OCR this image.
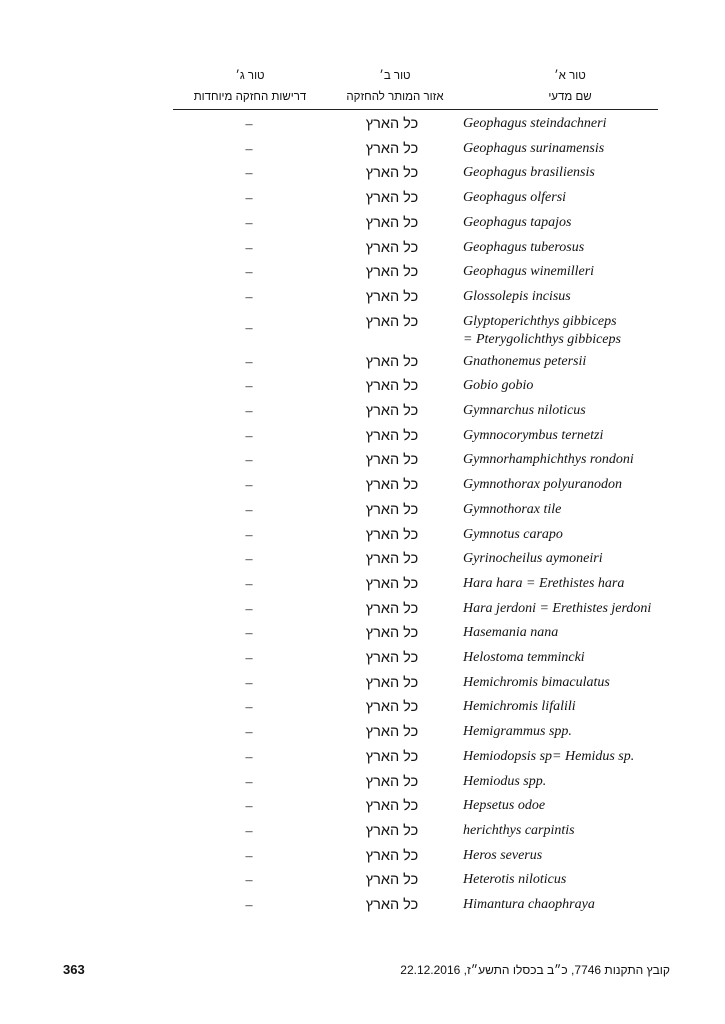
טור ג׳	טור ב׳	טור א׳
דרישות החזקה מיוחדות	אזור המותר להחזקה	שם מדעי
–	כל הארץ	Geophagus steindachneri
–	כל הארץ	Geophagus surinamensis
–	כל הארץ	Geophagus brasiliensis
–	כל הארץ	Geophagus olfersi
–	כל הארץ	Geophagus tapajos
–	כל הארץ	Geophagus tuberosus
–	כל הארץ	Geophagus winemilleri
–	כל הארץ	Glossolepis incisus
–	כל הארץ	Glyptoperichthys gibbiceps
= Pterygolichthys gibbiceps
–	כל הארץ	Gnathonemus petersii
–	כל הארץ	Gobio gobio
–	כל הארץ	Gymnarchus niloticus
–	כל הארץ	Gymnocorymbus ternetzi
–	כל הארץ	Gymnorhamphichthys rondoni
–	כל הארץ	Gymnothorax polyuranodon
–	כל הארץ	Gymnothorax tile
–	כל הארץ	Gymnotus carapo
–	כל הארץ	Gyrinocheilus aymoneiri
–	כל הארץ	Hara hara = Erethistes hara
–	כל הארץ	Hara jerdoni = Erethistes jerdoni
–	כל הארץ	Hasemania nana
–	כל הארץ	Helostoma temmincki
–	כל הארץ	Hemichromis bimaculatus
–	כל הארץ	Hemichromis lifalili
–	כל הארץ	Hemigrammus spp.
–	כל הארץ	Hemiodopsis sp= Hemidus sp.
–	כל הארץ	Hemiodus spp.
–	כל הארץ	Hepsetus odoe
–	כל הארץ	herichthys carpintis
–	כל הארץ	Heros severus
–	כל הארץ	Heterotis niloticus
–	כל הארץ	Himantura chaophraya
קובץ התקנות 7746, כ״ב בכסלו התשע״ז, 22.12.2016
363
